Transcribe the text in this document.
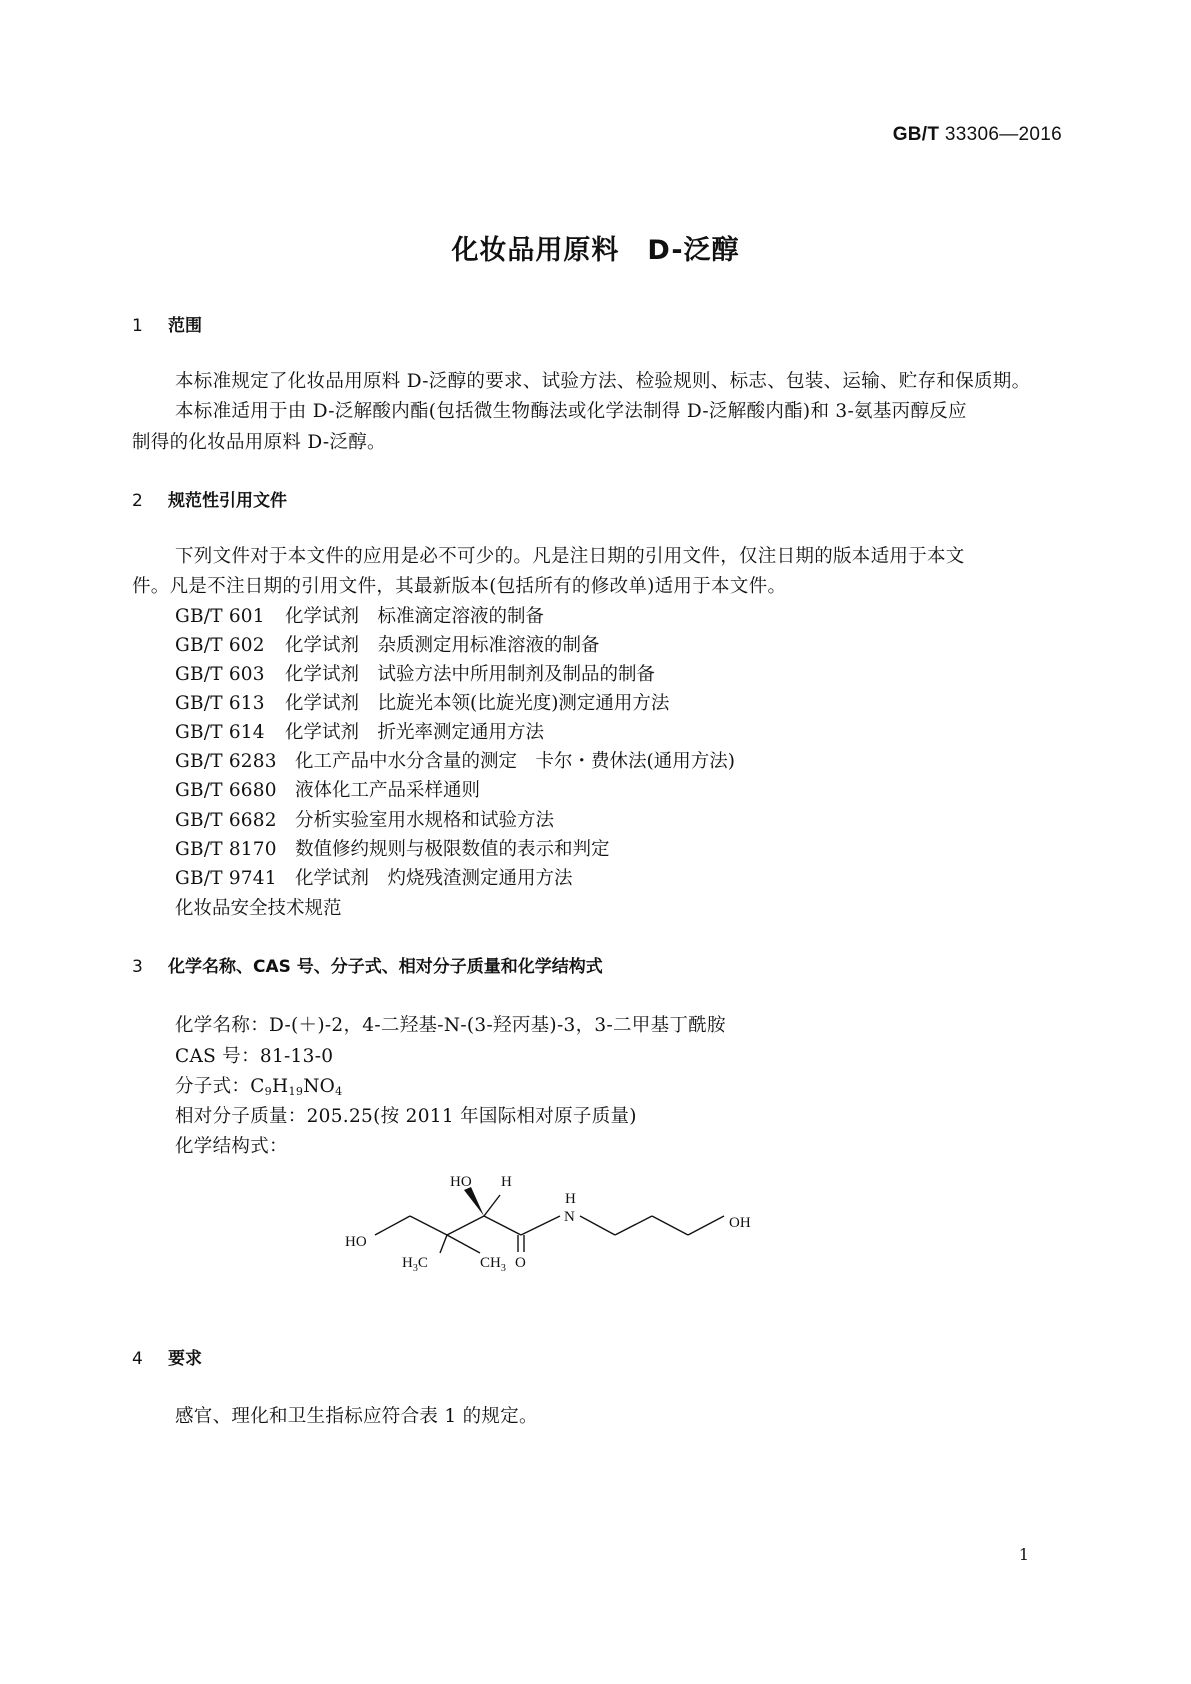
GB/T 33306—2016
化妆品用原料　D-泛醇
1 范围
本标准规定了化妆品用原料 D-泛醇的要求、试验方法、检验规则、标志、包装、运输、贮存和保质期。
本标准适用于由 D-泛解酸内酯(包括微生物酶法或化学法制得 D-泛解酸内酯)和 3-氨基丙醇反应
制得的化妆品用原料 D-泛醇。
2 规范性引用文件
下列文件对于本文件的应用是必不可少的。凡是注日期的引用文件，仅注日期的版本适用于本文
件。凡是不注日期的引用文件，其最新版本(包括所有的修改单)适用于本文件。
GB/T 601 化学试剂　标准滴定溶液的制备
GB/T 602 化学试剂　杂质测定用标准溶液的制备
GB/T 603 化学试剂　试验方法中所用制剂及制品的制备
GB/T 613 化学试剂　比旋光本领(比旋光度)测定通用方法
GB/T 614 化学试剂　折光率测定通用方法
GB/T 6283 化工产品中水分含量的测定　卡尔・费休法(通用方法)
GB/T 6680 液体化工产品采样通则
GB/T 6682 分析实验室用水规格和试验方法
GB/T 8170 数值修约规则与极限数值的表示和判定
GB/T 9741 化学试剂　灼烧残渣测定通用方法
化妆品安全技术规范
3 化学名称、CAS 号、分子式、相对分子质量和化学结构式
化学名称：D-(＋)-2，4-二羟基-N-(3-羟丙基)-3，3-二甲基丁酰胺
CAS 号：81-13-0
分子式：$C_9H_{19}NO_4$
相对分子质量：205.25(按 2011 年国际相对原子质量)
化学结构式：
HO H
H
N	OH
HO
$H_3C$	$CH_3$ O
4 要求
感官、理化和卫生指标应符合表 1 的规定。
1
